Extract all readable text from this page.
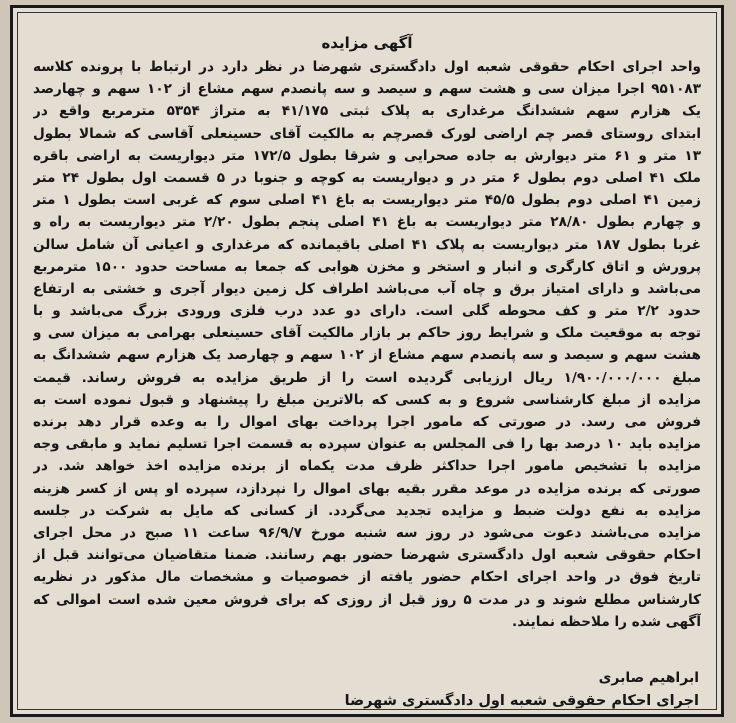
آگهی مزایده
واحد اجرای احکام حقوقی شعبه اول دادگستری شهرضا در نظر دارد در ارتباط با پرونده کلاسه
۹۵۱۰۸۳ اجرا میزان سی و هشت سهم و سیصد و سه پانصدم سهم مشاع از ۱۰۲ سهم و چهارصد
یک هزارم سهم ششدانگ مرغداری به پلاک ثبتی ۴۱/۱۷۵ به متراژ ۵۳۵۴ مترمربع واقع در
ابتدای روستای قصر چم اراضی لورک قصرچم به مالکیت آقای حسینعلی آقاسی که شمالا بطول
۱۳ متر و ۶۱ متر دیوارش به جاده صحرایی و شرقا بطول ۱۷۲/۵ متر دیواریست به اراضی باقره
ملک ۴۱ اصلی دوم بطول ۶ متر در و دیواریست به کوچه و جنوبا در ۵ قسمت اول بطول ۲۴ متر
زمین ۴۱ اصلی دوم بطول ۴۵/۵ متر دیواریست به باغ ۴۱ اصلی سوم که غربی است بطول ۱ متر
و چهارم بطول ۲۸/۸۰ متر دیواریست به باغ ۴۱ اصلی پنجم بطول ۲/۲۰ متر دیواریست به راه و
غربا بطول ۱۸۷ متر دیواریست به پلاک ۴۱ اصلی باقیمانده که مرغداری و اعیانی آن شامل سالن
پرورش و اتاق کارگری و انبار و استخر و مخزن هوابی که جمعا به مساحت حدود ۱۵۰۰ مترمربع
می‌باشد و دارای امتیاز برق و چاه آب می‌باشد اطراف کل زمین دیوار آجری و خشتی به ارتفاع
حدود ۲/۲ متر و کف محوطه گلی است. دارای دو عدد درب فلزی ورودی بزرگ می‌باشد و با
توجه به موقعیت ملک و شرایط روز حاکم بر بازار مالکیت آقای حسینعلی بهرامی به میزان سی و
هشت سهم و سیصد و سه پانصدم سهم مشاع از ۱۰۲ سهم و چهارصد یک هزارم سهم ششدانگ به
مبلغ ۱/۹۰۰/۰۰۰/۰۰۰ ریال ارزیابی گردیده است را از طریق مزایده به فروش رساند. قیمت
مزایده از مبلغ کارشناسی شروع و به کسی که بالاترین مبلغ را پیشنهاد و قبول نموده است به
فروش می رسد. در صورتی که مامور اجرا پرداخت بهای اموال را به وعده قرار دهد برنده
مزایده باید ۱۰ درصد بها را فی المجلس به عنوان سپرده به قسمت اجرا تسلیم نماید و مابقی وجه
مزایده با تشخیص مامور اجرا حداکثر ظرف مدت یکماه از برنده مزایده اخذ خواهد شد. در
صورتی که برنده مزایده در موعد مقرر بقیه بهای اموال را نپردازد، سپرده او پس از کسر هزینه
مزایده به نفع دولت ضبط و مزایده تجدید می‌گردد. از کسانی که مایل به شرکت در جلسه
مزایده می‌باشند دعوت می‌شود در روز سه شنبه مورخ ۹۶/۹/۷ ساعت ۱۱ صبح در محل اجرای
احکام حقوقی شعبه اول دادگستری شهرضا حضور بهم رسانند. ضمنا متقاضیان می‌توانند قبل از
تاریخ فوق در واحد اجرای احکام حضور یافته از خصوصیات و مشخصات مال مذکور در نظریه
کارشناس مطلع شوند و در مدت ۵ روز قبل از روزی که برای فروش معین شده است اموالی که
آگهی شده را ملاحظه نمایند.
ابراهیم صابری
اجرای احکام حقوقی شعبه اول دادگستری شهرضا
